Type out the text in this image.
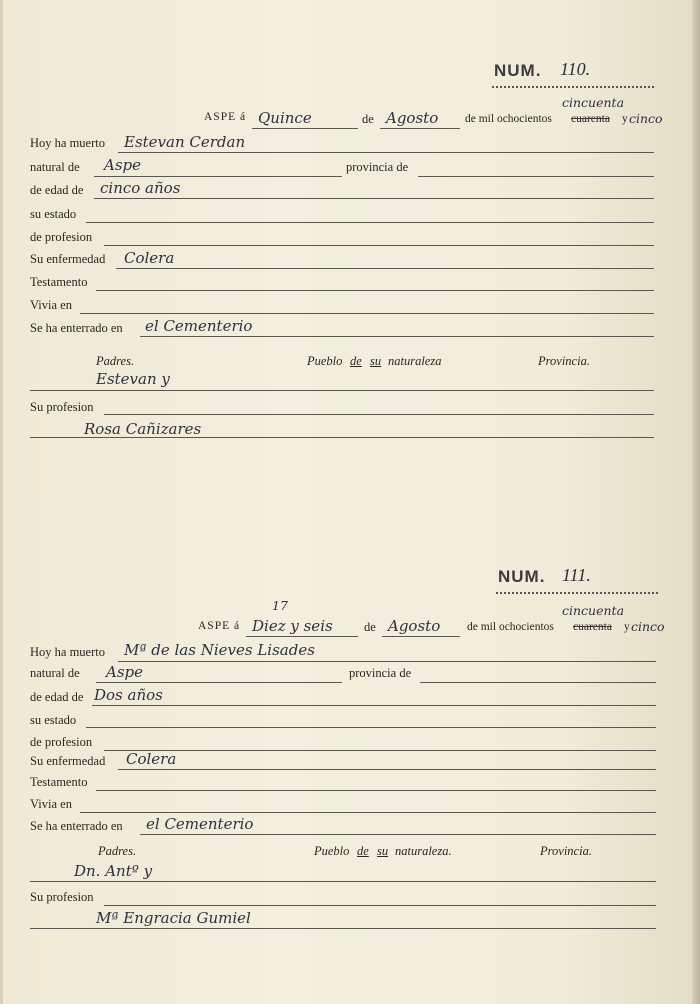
NUM. 110.
ASPE á Quince	de Agosto de mil ochocientos
cincuenta
cuarenta y cinco
Hoy ha muerto Estevan Cerdan
natural de Aspe	provincia de
de edad de cinco años
su estado
de profesion
Su enfermedad Colera
Testamento
Vivia en
Se ha enterrado en el Cementerio
Padres.	Pueblo de su naturaleza	Provincia.
Estevan y
Su profesion
Rosa Cañizares
NUM. 111.
ASPE á
17
Diez y seis	de Agosto de mil ochocientos
cincuenta
cuarenta y cinco
Hoy ha muerto Mª de las Nieves Lisades
natural de Aspe	provincia de
de edad de Dos años
su estado
de profesion
Su enfermedad Colera
Testamento
Vivia en
Se ha enterrado en el Cementerio
Padres.	Pueblo de su naturaleza.	Provincia.
Dn. Antº y
Su profesion
Mª Engracia Gumiel
